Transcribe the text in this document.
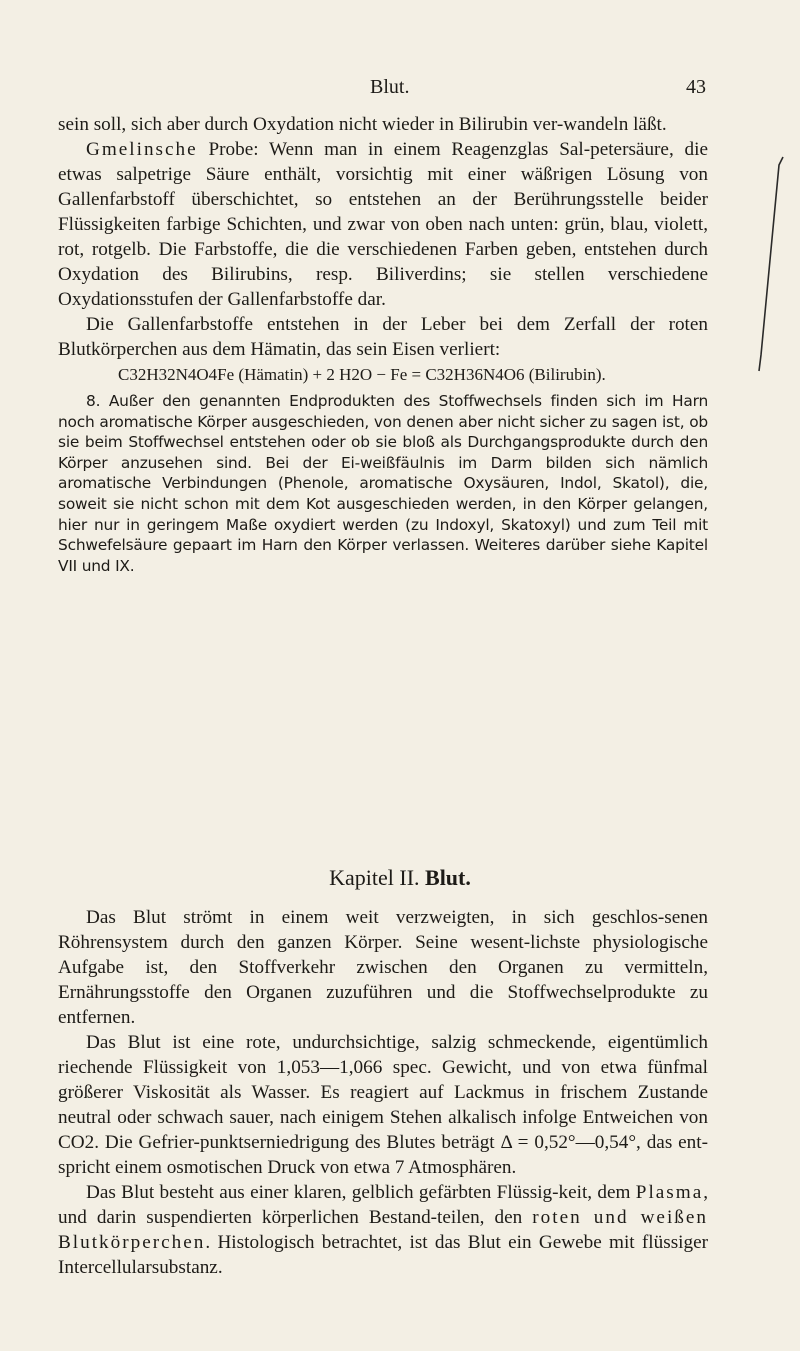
Blut.	43

sein soll, sich aber durch Oxydation nicht wieder in Bilirubin ver-wandeln läßt.

Gmelinsche Probe: Wenn man in einem Reagenzglas Sal-petersäure, die etwas salpetrige Säure enthält, vorsichtig mit einer wäßrigen Lösung von Gallenfarbstoff überschichtet, so entstehen an der Berührungsstelle beider Flüssigkeiten farbige Schichten, und zwar von oben nach unten: grün, blau, violett, rot, rotgelb. Die Farbstoffe, die die verschiedenen Farben geben, entstehen durch Oxydation des Bilirubins, resp. Biliverdins; sie stellen verschiedene Oxydationsstufen der Gallenfarbstoffe dar.

Die Gallenfarbstoffe entstehen in der Leber bei dem Zerfall der roten Blutkörperchen aus dem Hämatin, das sein Eisen verliert:

C32H32N4O4Fe (Hämatin) + 2 H2O − Fe = C32H36N4O6 (Bilirubin).

8. Außer den genannten Endprodukten des Stoffwechsels finden sich im Harn noch aromatische Körper ausgeschieden, von denen aber nicht sicher zu sagen ist, ob sie beim Stoffwechsel entstehen oder ob sie bloß als Durchgangsprodukte durch den Körper anzusehen sind. Bei der Ei-weißfäulnis im Darm bilden sich nämlich aromatische Verbindungen (Phenole, aromatische Oxysäuren, Indol, Skatol), die, soweit sie nicht schon mit dem Kot ausgeschieden werden, in den Körper gelangen, hier nur in geringem Maße oxydiert werden (zu Indoxyl, Skatoxyl) und zum Teil mit Schwefelsäure gepaart im Harn den Körper verlassen. Weiteres darüber siehe Kapitel VII und IX.

Kapitel II. Blut.

Das Blut strömt in einem weit verzweigten, in sich geschlos-senen Röhrensystem durch den ganzen Körper. Seine wesent-lichste physiologische Aufgabe ist, den Stoffverkehr zwischen den Organen zu vermitteln, Ernährungsstoffe den Organen zuzuführen und die Stoffwechselprodukte zu entfernen.

Das Blut ist eine rote, undurchsichtige, salzig schmeckende, eigentümlich riechende Flüssigkeit von 1,053—1,066 spec. Gewicht, und von etwa fünfmal größerer Viskosität als Wasser. Es reagiert auf Lackmus in frischem Zustande neutral oder schwach sauer, nach einigem Stehen alkalisch infolge Entweichen von CO2. Die Gefrier-punktserniedrigung des Blutes beträgt Δ = 0,52°—0,54°, das ent-spricht einem osmotischen Druck von etwa 7 Atmosphären.

Das Blut besteht aus einer klaren, gelblich gefärbten Flüssig-keit, dem Plasma, und darin suspendierten körperlichen Bestand-teilen, den roten und weißen Blutkörperchen. Histologisch betrachtet, ist das Blut ein Gewebe mit flüssiger Intercellularsubstanz.
